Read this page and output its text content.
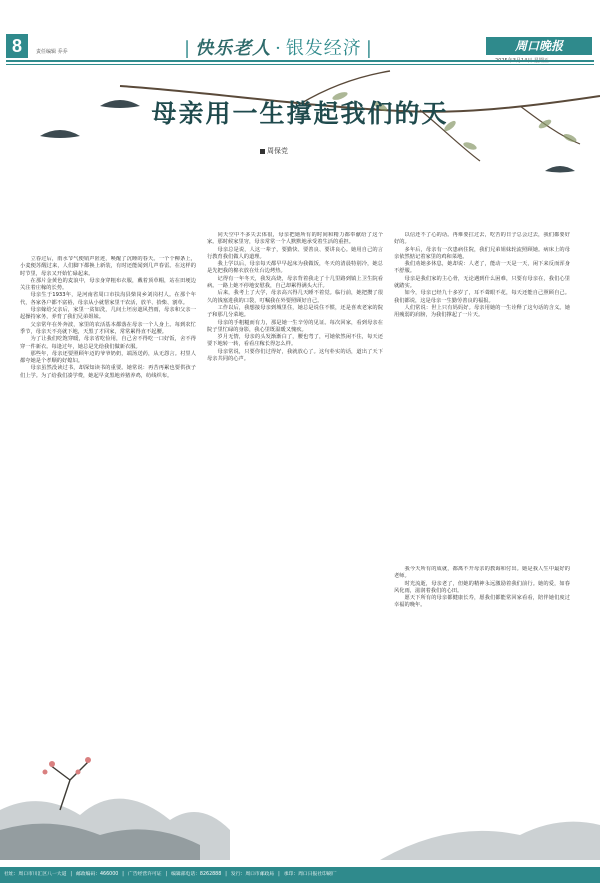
8	责任编辑 乔乔	| 快乐老人 · 银发经济 |	周口晚报
母亲用一生撑起我们的天
周保党

立春过后，雨水节气便销声匿迹，唤醒了沉睡的春天。一个个柳条上，小麦便苏醒过来，人们脚下都换上新装，有时还能闻到几声春雷。在这样的时节里，母亲又开始忙碌起来。

在那片金黄色的麦浪中，母亲身穿粗布衣服，戴着顶草帽，站在田埂边关注着庄稼的长势。

母亲生于1933年，是河南省周口市扶沟县柴岗乡刘岗村人。在那个年代，各家各户都不富裕，母亲从小就帮家里干农活，放羊、拾柴、割草。

母亲嫁给父亲后，家里一贫如洗，几间土坯房遮风挡雨，母亲和父亲一起操持家务，养育了我们兄弟姐妹。

父亲常年在外奔波，家里的农活基本都落在母亲一个人身上。每到农忙季节，母亲天不亮就下地，天黑了才回家，常常累得直不起腰。

为了让我们吃饱穿暖，母亲省吃俭用，自己舍不得吃一口好饭，舍不得穿一件新衣。每逢过年，她总是先给我们做新衣服。

那些年，母亲还要照顾年迈的爷爷奶奶，端汤送药，从无怨言。村里人都夸她是个孝顺的好媳妇。

母亲虽然没读过书，却深知读书的重要。她常说：再苦再累也要供孩子们上学。为了给我们凑学费，她起早贪黑地养猪养鸡，纺线织布。

同天空中不多失去体很，母亲把她所有的时间和精力都奉献给了这个家。那时候家里穷，母亲常常一个人默默地承受着生活的重担。

母亲总是说，人这一辈子，要勤快、要善良、要讲良心。她用自己的言行教育我们做人的道理。

我上学以后，母亲每天都早早起床为我做饭，冬天的清晨特别冷，她总是先把我的棉衣放在灶台边烤热。

记得有一年冬天，我发高烧，母亲背着我走了十几里路到镇上卫生院看病。一路上她不停地安慰我，自己却累得满头大汗。

后来，我考上了大学，母亲高兴得几天睡不着觉。临行前，她把攒了很久的钱塞进我的口袋，叮嘱我在外要照顾好自己。

工作以后，我想接母亲到城里住，她总是说住不惯，还是喜欢老家的院子和那几分菜地。

母亲的手粗糙而有力，那是她一生辛劳的见证。每次回家，看到母亲在院子里忙碌的身影，我心里既温暖又愧疚。

岁月无情，母亲的头发渐渐白了，腰也弯了，可她依然闲不住，每天还要下地转一转，看看庄稼长得怎么样。

母亲常说，只要你们过得好，我就放心了。这句朴实的话，道出了天下母亲共同的心声。

以信还不了心的话。再难要扛过去，吃苦的日子总会过去，我们都要好好的。

多年后，母亲有一次患病住院，我们兄弟姐妹轮流照顾她。病床上的母亲依然惦记着家里的鸡和菜地。

我们劝她多休息，她却说：人老了，能动一天是一天，闲下来反而浑身不舒服。

母亲是我们家的主心骨，无论遇到什么困难，只要有母亲在，我们心里就踏实。

如今，母亲已经九十多岁了，耳不聋眼不花，每天还能自己照顾自己。我们都说，这是母亲一生勤劳善良的福报。

人们常说：世上只有妈妈好。母亲用她的一生诠释了这句话的含义。她用瘦弱的肩膀，为我们撑起了一片天。

我今天所有的成就，都离不开母亲的教诲和付出。她是我人生中最好的老师。

时光流逝，母亲老了，但她的精神永远激励着我们前行。她的爱，如春风化雨，滋润着我们的心田。

愿天下所有的母亲都健康长寿，愿我们都能常回家看看，陪伴她们度过幸福的晚年。

社址：周口市川汇区八一大道 | 邮政编码：466000 | 广告经营许可证 | 编辑部电话：8262888 | 发行：周口市邮政局 | 承印：周口日报社印刷厂
